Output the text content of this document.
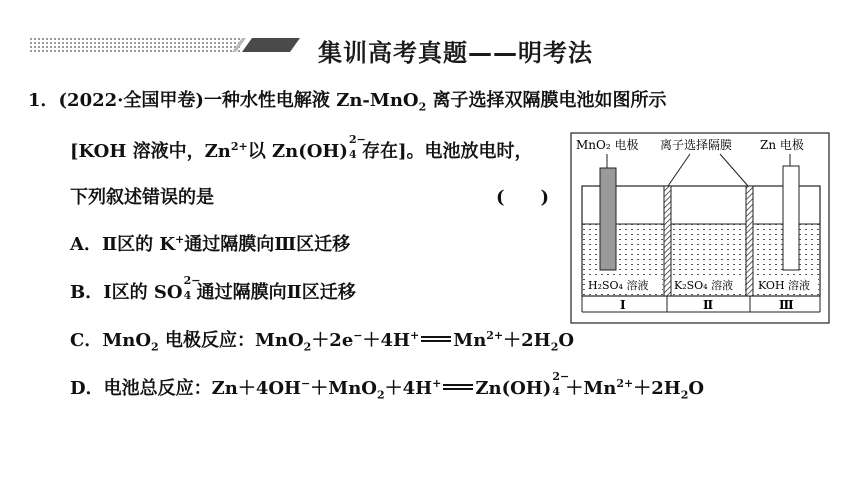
集训高考真题——明考法
1．(2022·全国甲卷)一种水性电解液 Zn-MnO$_2$ 离子选择双隔膜电池如图所示
[KOH 溶液中，$Zn^{2+}$以 Zn(OH)
2−
4 存在]。电池放电时，
下列叙述错误的是	(　　)
A．Ⅱ区的 K+通过隔膜向Ⅲ区迁移
B．Ⅰ区的 SO
2−
4 通过隔膜向Ⅱ区迁移
C．MnO$_2$ 电极反应：MnO$_2$＋2e−＋4H+ $Mn^{2+}+2H_2O$
D．电池总反应：Zn＋4OH−＋MnO$_2$＋4H+ Zn(OH)
2−
$4 +Mn^{2+}+2H_2O$
MnO₂ 电极 离子选择隔膜 Zn 电极
H₂SO₄ 溶液 K₂SO₄ 溶液 KOH 溶液
Ⅰ	Ⅱ	Ⅲ
